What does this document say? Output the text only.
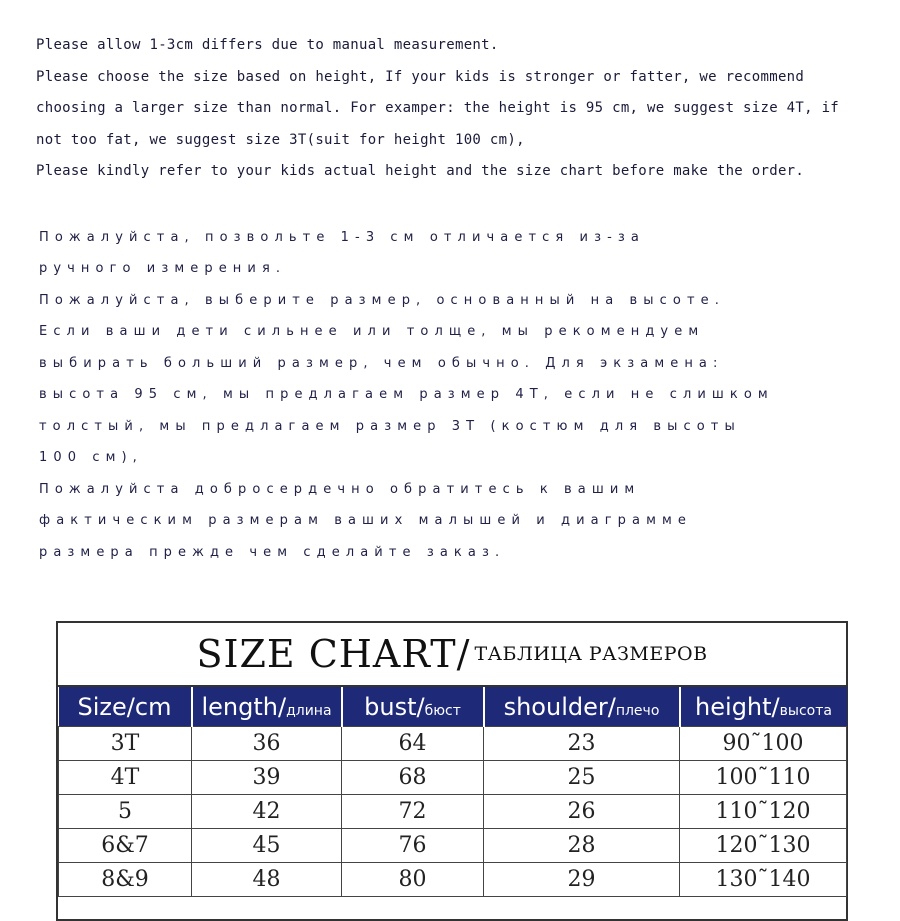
Please allow 1-3cm differs due to manual measurement.
Please choose the size based on height, If your kids is stronger or fatter, we recommend
choosing a larger size than normal. For examper: the height is 95 cm, we suggest size 4T, if
not too fat, we suggest size 3T(suit for height 100 cm),
Please kindly refer to your kids actual height and the size chart before make the order.
Пожалуйста, позвольте 1-3 см отличается из-за
ручного измерения.
Пожалуйста, выберите размер, основанный на высоте.
Если ваши дети сильнее или толще, мы рекомендуем
выбирать больший размер, чем обычно. Для экзамена:
высота 95 см, мы предлагаем размер 4T, если не слишком
толстый, мы предлагаем размер 3T (костюм для высоты
100 см),
Пожалуйста добросердечно обратитесь к вашим
фактическим размерам ваших малышей и диаграмме
размера прежде чем сделайте заказ.
SIZE CHART/ ТАБЛИЦА РАЗМЕРОВ
Size/cm	length/длина	bust/бюст	shoulder/плечо	height/высота
3T	36	64	23	90˜100
4T	39	68	25	100˜110
5	42	72	26	110˜120
6&7	45	76	28	120˜130
8&9	48	80	29	130˜140
